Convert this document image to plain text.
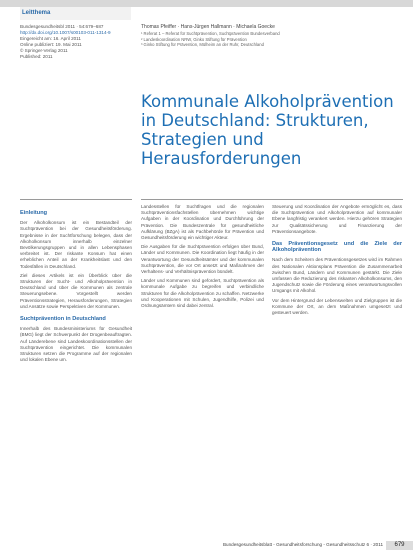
Leitthema
Bundesgesundheitsbl 2011 · 54:679–687
http://dx.doi.org/10.1007/s00103-011-1314-9
Eingereicht am: 16. April 2011
Online publiziert: 19. Mai 2011
© Springer-Verlag 2011
Published: 2011
Thomas Pfeiffer · Hans-Jürgen Hallmann · Michaela Goecke
¹ Referat 1 – Referat für Suchtprävention, Suchtprävention Bundesverband
² Landeskoordination NRW, Ginko Stiftung für Prävention
³ Ginko Stiftung für Prävention, Mülheim an der Ruhr, Deutschland
Kommunale Alkoholprävention in Deutschland: Strukturen, Strategien und Herausforderungen
Einleitung

Der Alkoholkonsum ist ein Bestandteil der Suchtprävention bei der Gesundheitsförderung. Ergebnisse in der Suchtforschung belegen, dass der Alkoholkonsum innerhalb einzelner Bevölkerungsgruppen und in allen Lebensphasen verbreitet ist. Der riskante Konsum hat einen erheblichen Anteil an der Krankheitslast und den Todesfällen in Deutschland.

Ziel dieses Artikels ist ein Überblick über die Strukturen der Sucht- und Alkoholprävention in Deutschland und über die Kommunen als zentrale Steuerungsebene. Vorgestellt werden Präventionsstrategien, Herausforderungen, Strategien und Ansätze sowie Perspektiven der Kommunen.

Suchtprävention in Deutschland

Innerhalb des Bundesministeriums für Gesundheit (BMG) liegt der Schwerpunkt der Drogenbeauftragten. Auf Länderebene sind Landeskoordinationsstellen der Suchtprävention eingerichtet. Die kommunalen Strukturen setzen die Programme auf der regionalen und lokalen Ebene um.

Landesstellen für Suchtfragen und die regionalen Suchtpräventionsfachstellen übernehmen wichtige Aufgaben in der Koordination und Durchführung der Prävention. Die Bundeszentrale für gesundheitliche Aufklärung (BZgA) ist als Fachbehörde für Prävention und Gesundheitsförderung ein wichtiger Akteur.

Die Ausgaben für die Suchtprävention erfolgen über Bund, Länder und Kommunen. Die Koordination liegt häufig in der Verantwortung der Gesundheitsämter und der kommunalen Suchtprävention, die vor Ort ansetzt und Maßnahmen der Verhaltens- und Verhältnisprävention bündelt.

Länder und Kommunen sind gefordert, Suchtprävention als kommunale Aufgabe zu begreifen und verbindliche Strukturen für die Alkoholprävention zu schaffen. Netzwerke und Kooperationen mit Schulen, Jugendhilfe, Polizei und Ordnungsämtern sind dabei zentral.

Steuerung und Koordination der Angebote ermöglicht es, dass die Suchtprävention und Alkoholprävention auf kommunaler Ebene langfristig verankert werden. Hierzu gehören Strategien zur Qualitätssicherung und Finanzierung der Präventionsangebote.

Das Präventionsgesetz und die Ziele der Alkoholprävention

Nach dem Scheitern des Präventionsgesetzes wird im Rahmen des Nationalen Aktionsplans Prävention die Zusammenarbeit zwischen Bund, Ländern und Kommunen gestärkt. Die Ziele umfassen die Reduzierung des riskanten Alkoholkonsums, den Jugendschutz sowie die Förderung eines verantwortungsvollen Umgangs mit Alkohol.

Vor dem Hintergrund der Lebenswelten und Zielgruppen ist die Kommune der Ort, an dem Maßnahmen umgesetzt und gesteuert werden.

Bundesgesundheitsblatt - Gesundheitsforschung - Gesundheitsschutz 6 · 2011	679
